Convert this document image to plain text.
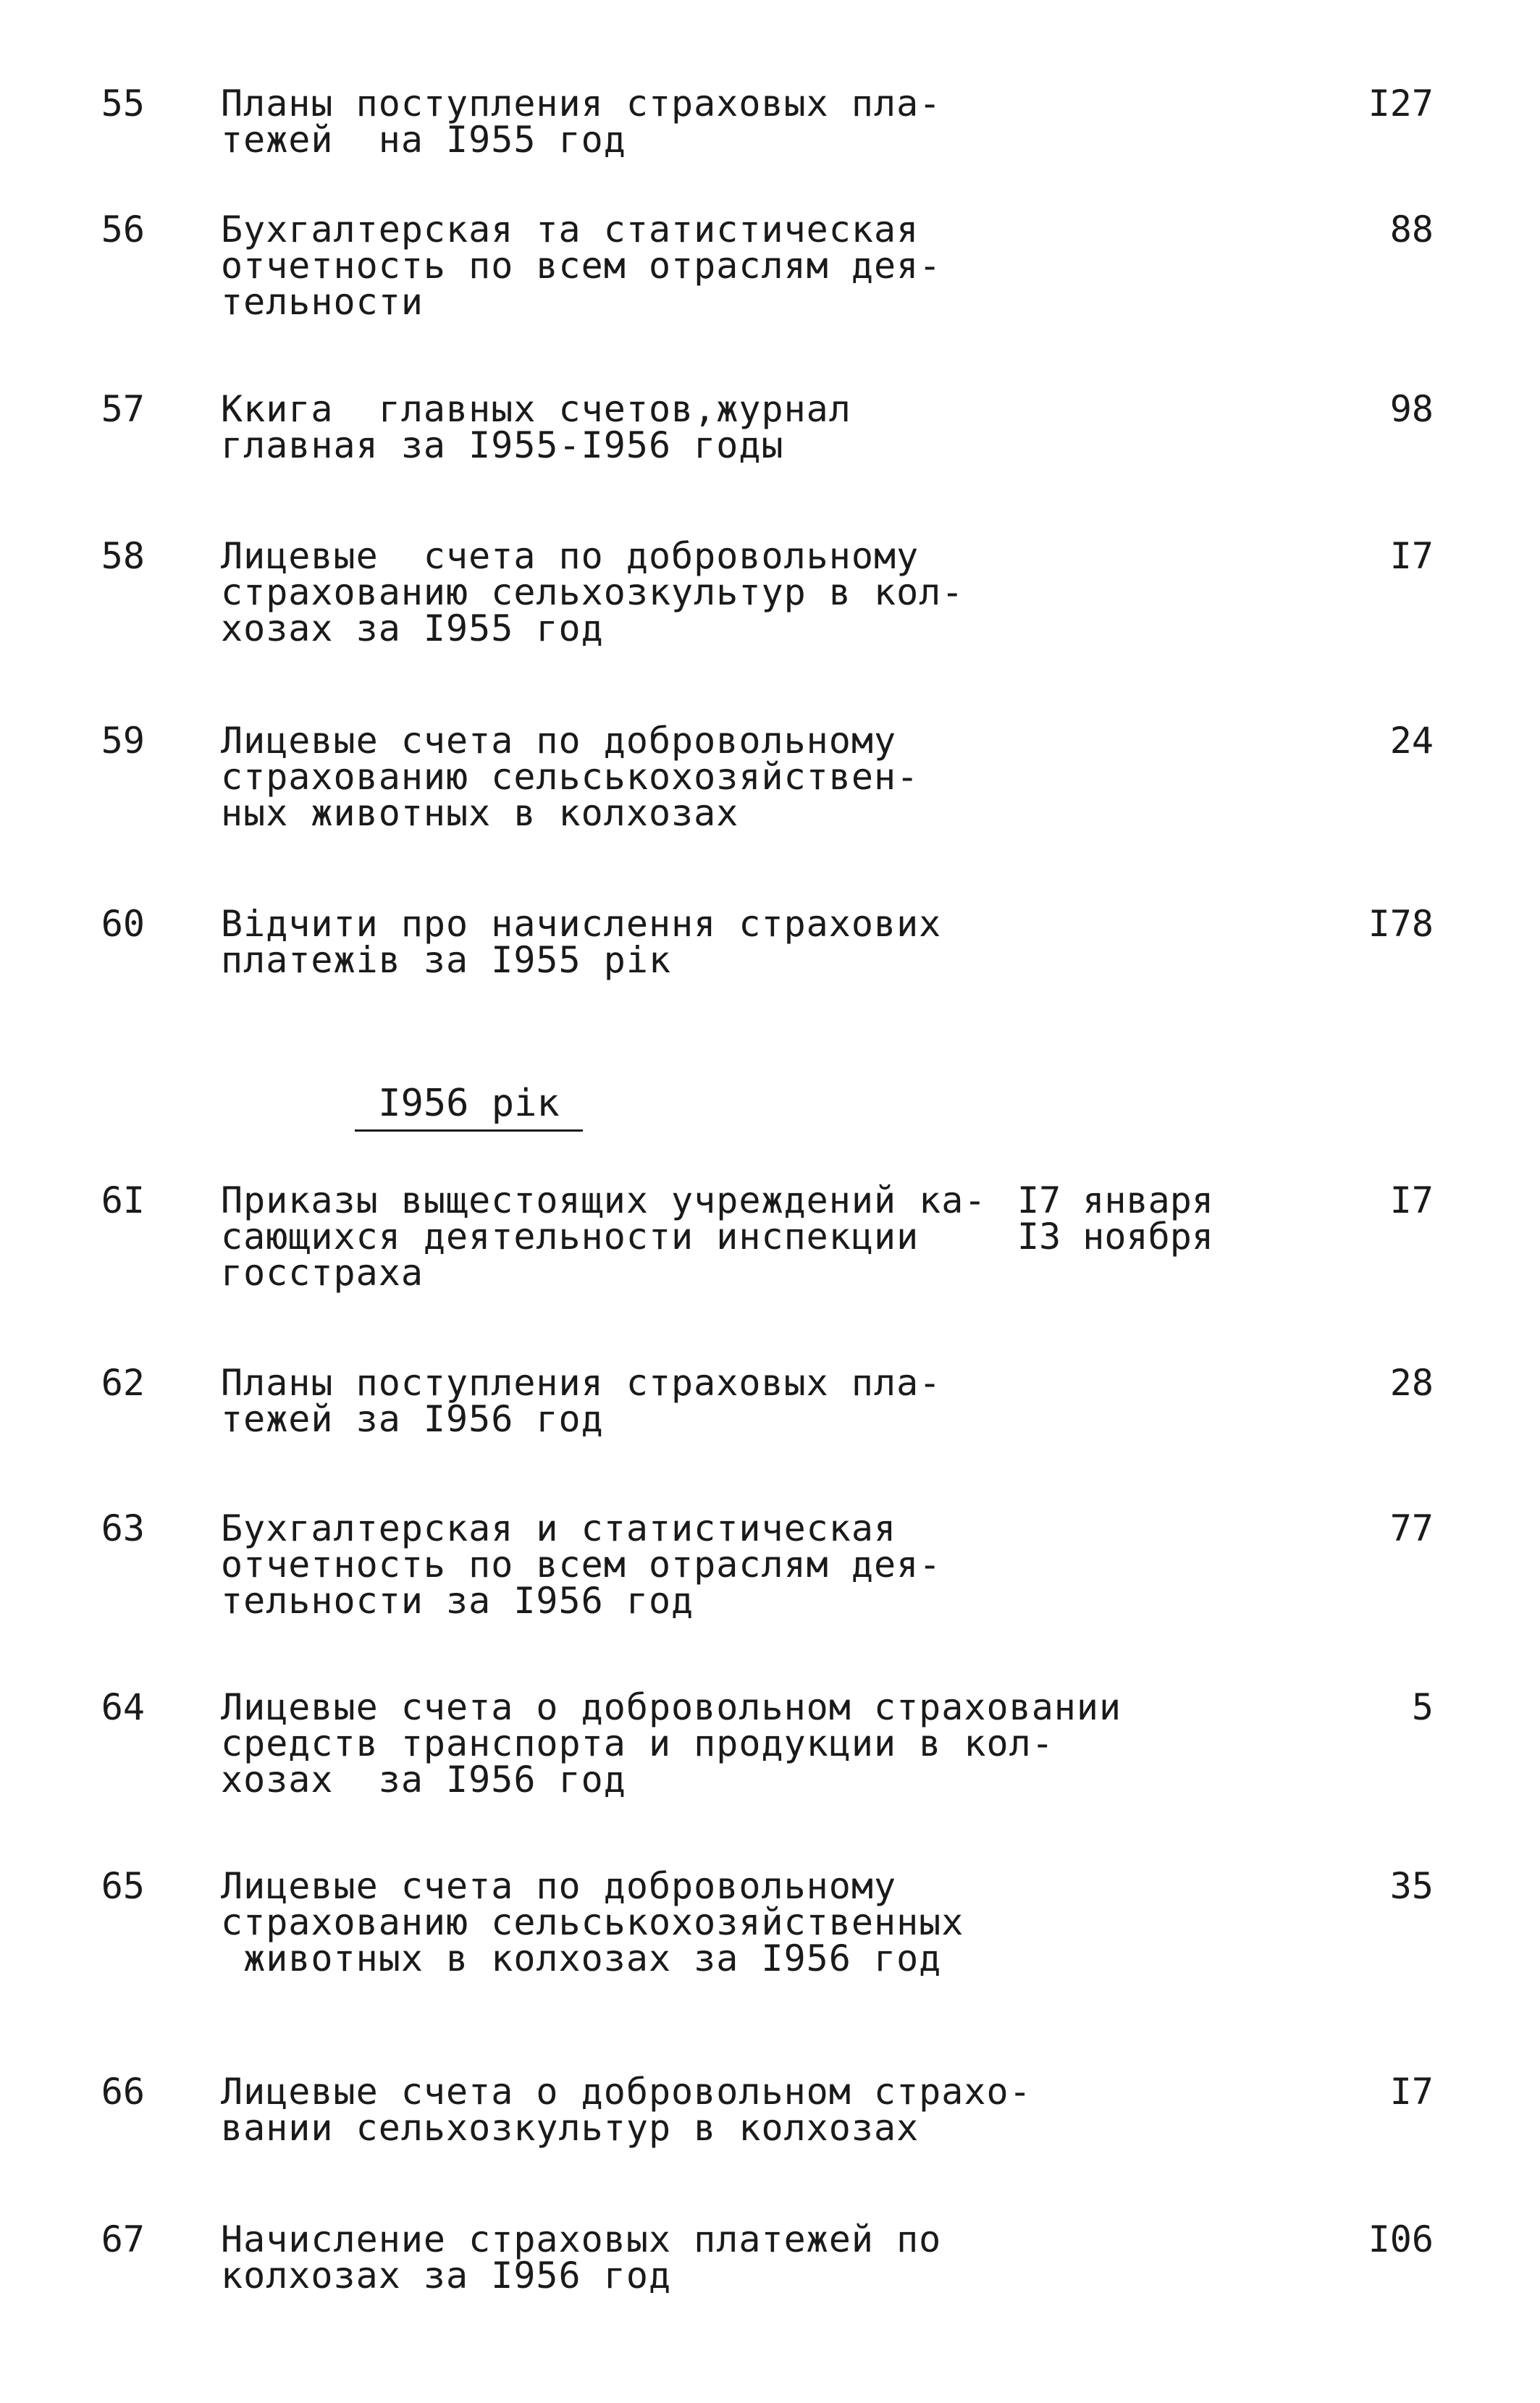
55 Планы поступления страховых пла-
тежей  на I955 год
I27
56 Бухгалтерская та статистическая
отчетность по всем отраслям дея-
тельности
88
57 Ккига  главных счетов,журнал
главная за I955-I956 годы
98
58 Лицевые  счета по добровольному
страхованию сельхозкультур в кол-
хозах за I955 год
I7
59 Лицевые счета по добровольному
страхованию сельськохозяйствен-
ных животных в колхозах
24
60 Відчити про начислення страхових
платежів за I955 рік
I78
I956 рік
6I Приказы выщестоящих учреждений ка-
сающихся деятельности инспекции
госстраха
I7 января
I3 ноября
I7
62 Планы поступления страховых пла-
тежей за I956 год
28
63 Бухгалтерская и статистическая
отчетность по всем отраслям дея-
тельности за I956 год
77
64 Лицевые счета о добровольном страховании
средств транспорта и продукции в кол-
хозах  за I956 год
5
65 Лицевые счета по добровольному
страхованию сельськохозяйственных
животных в колхозах за I956 год
35
66 Лицевые счета о добровольном страхо-
вании сельхозкультур в колхозах
I7
67 Начисление страховых платежей по
колхозах за I956 год
I06
